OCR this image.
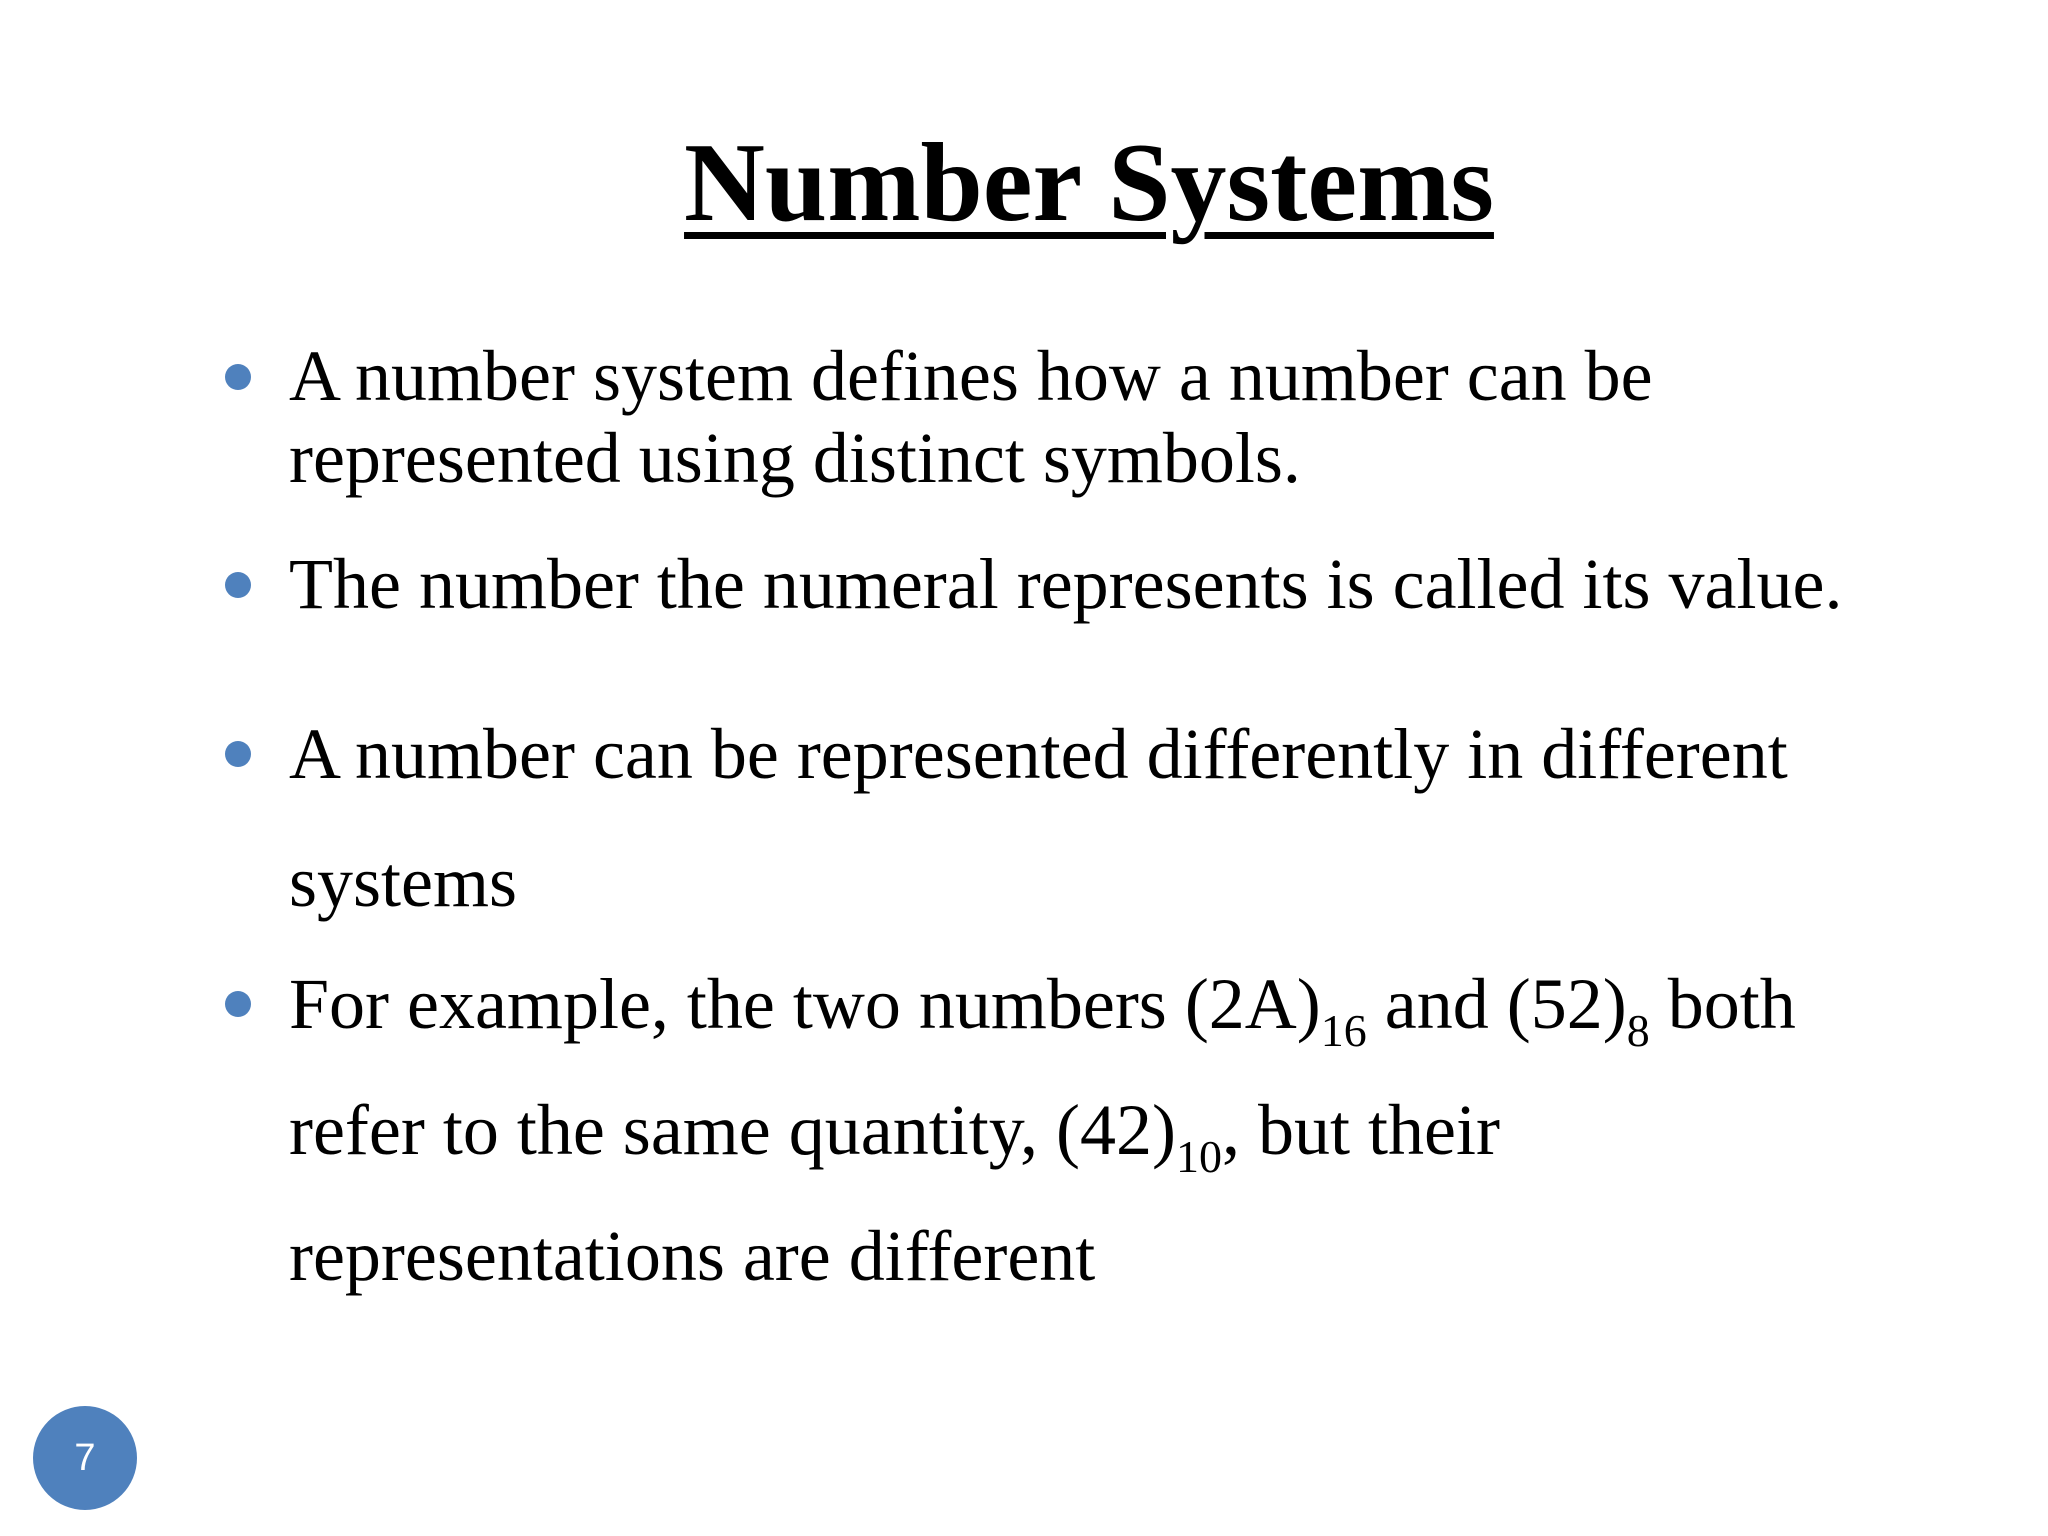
Number Systems
A number system defines how a number can be represented using distinct symbols.
The number the numeral represents is called its value.
A number can be represented differently in different systems
For example, the two numbers $(2A)_{16}$ and $(52)_8$ both refer to the same quantity, $(42)_{10}$, but their representations are different
7
